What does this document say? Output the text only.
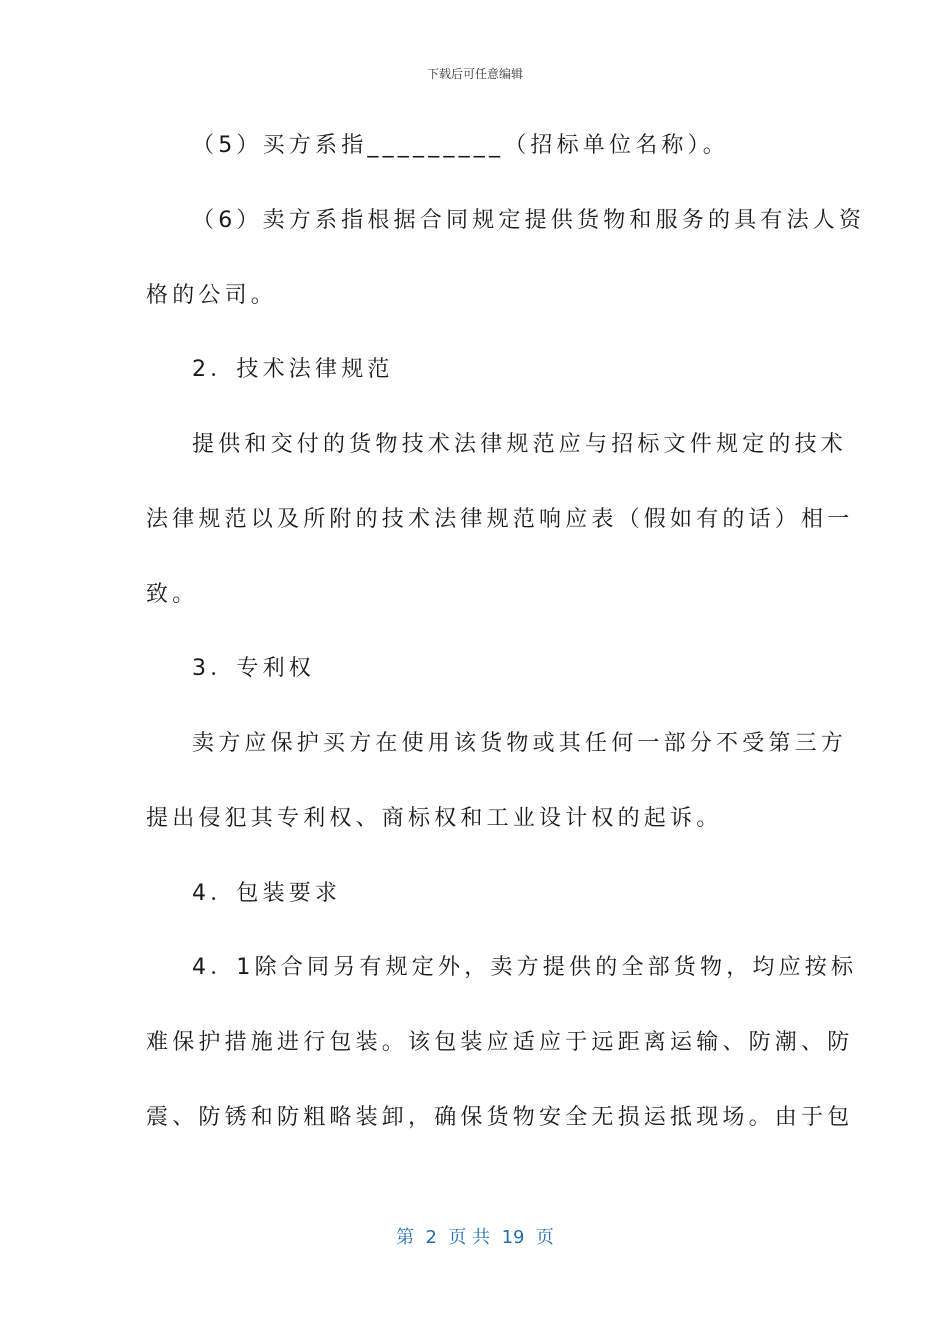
下载后可任意编辑
（5）买方系指_________（招标单位名称）。
（6）卖方系指根据合同规定提供货物和服务的具有法人资
格的公司。
2．技术法律规范
提供和交付的货物技术法律规范应与招标文件规定的技术
法律规范以及所附的技术法律规范响应表（假如有的话）相一
致。
3．专利权
卖方应保护买方在使用该货物或其任何一部分不受第三方
提出侵犯其专利权、商标权和工业设计权的起诉。
4．包装要求
4．1除合同另有规定外，卖方提供的全部货物，均应按标
难保护措施进行包装。该包装应适应于远距离运输、防潮、防
震、防锈和防粗略装卸，确保货物安全无损运抵现场。由于包
第  2  页 共  19  页
